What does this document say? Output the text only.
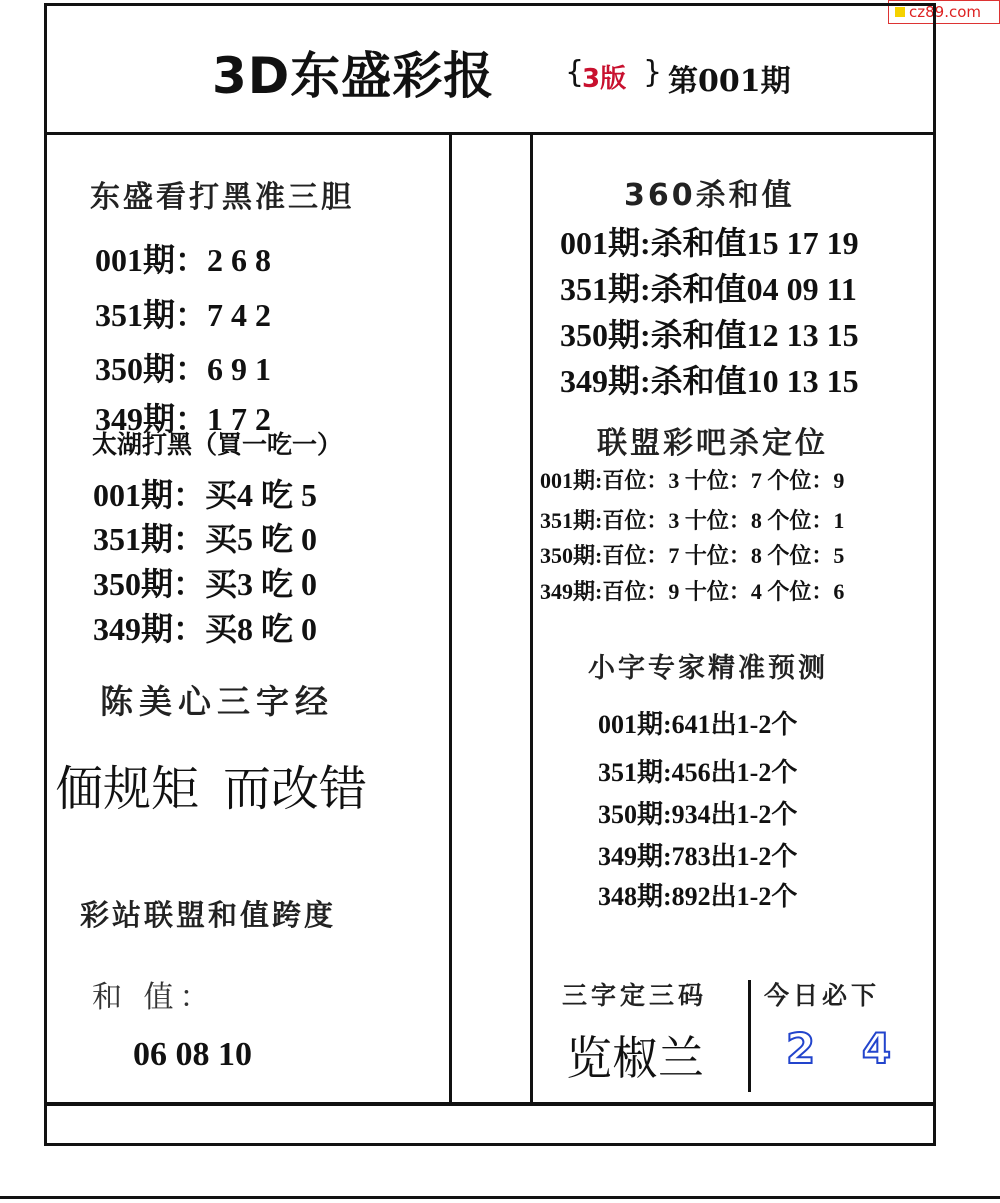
cz89.com
3D东盛彩报 {
3版 } 第001期
东盛看打黑准三胆
001期：2 6 8
351期：7 4 2
350期：6 9 1
349期：1 7 2
太湖打黑（買一吃一）
001期：买4 吃 5
351期：买5 吃 0
350期：买3 吃 0
349期：买8 吃 0
陈美心三字经
偭规矩  而改错
彩站联盟和值跨度
和 值：
06 08 10
360杀和值
001期:杀和值15 17 19
351期:杀和值04 09 11
350期:杀和值12 13 15
349期:杀和值10 13 15
联盟彩吧杀定位
001期:百位：3 十位：7 个位：9
351期:百位：3 十位：8 个位：1
350期:百位：7 十位：8 个位：5
349期:百位：9 十位：4 个位：6
小字专家精准预测
001期:641出1-2个
351期:456出1-2个
350期:934出1-2个
349期:783出1-2个
348期:892出1-2个
三字定三码
览椒兰
今日必下
2 4
